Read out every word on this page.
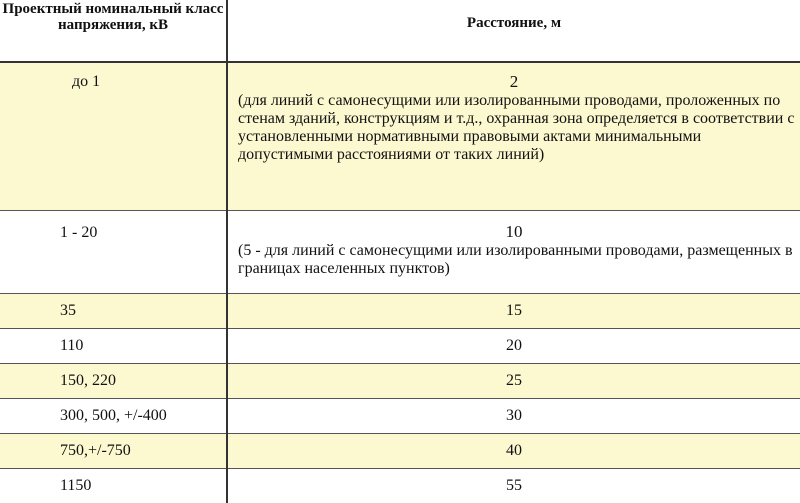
Проектный номинальный класс напряжения, кВ	Расстояние, м
до 1	2
(для линий с самонесущими или изолированными проводами, проложенных по стенам зданий, конструкциям и т.д., охранная зона определяется в соответствии с установленными нормативными правовыми актами минимальными допустимыми расстояниями от таких линий)

1 - 20	10
(5 - для линий с самонесущими или изолированными проводами, размещенных в границах населенных пунктов)

35	15
110	20
150, 220	25
300, 500, +/-400	30
750,+/-750	40
1150	55
